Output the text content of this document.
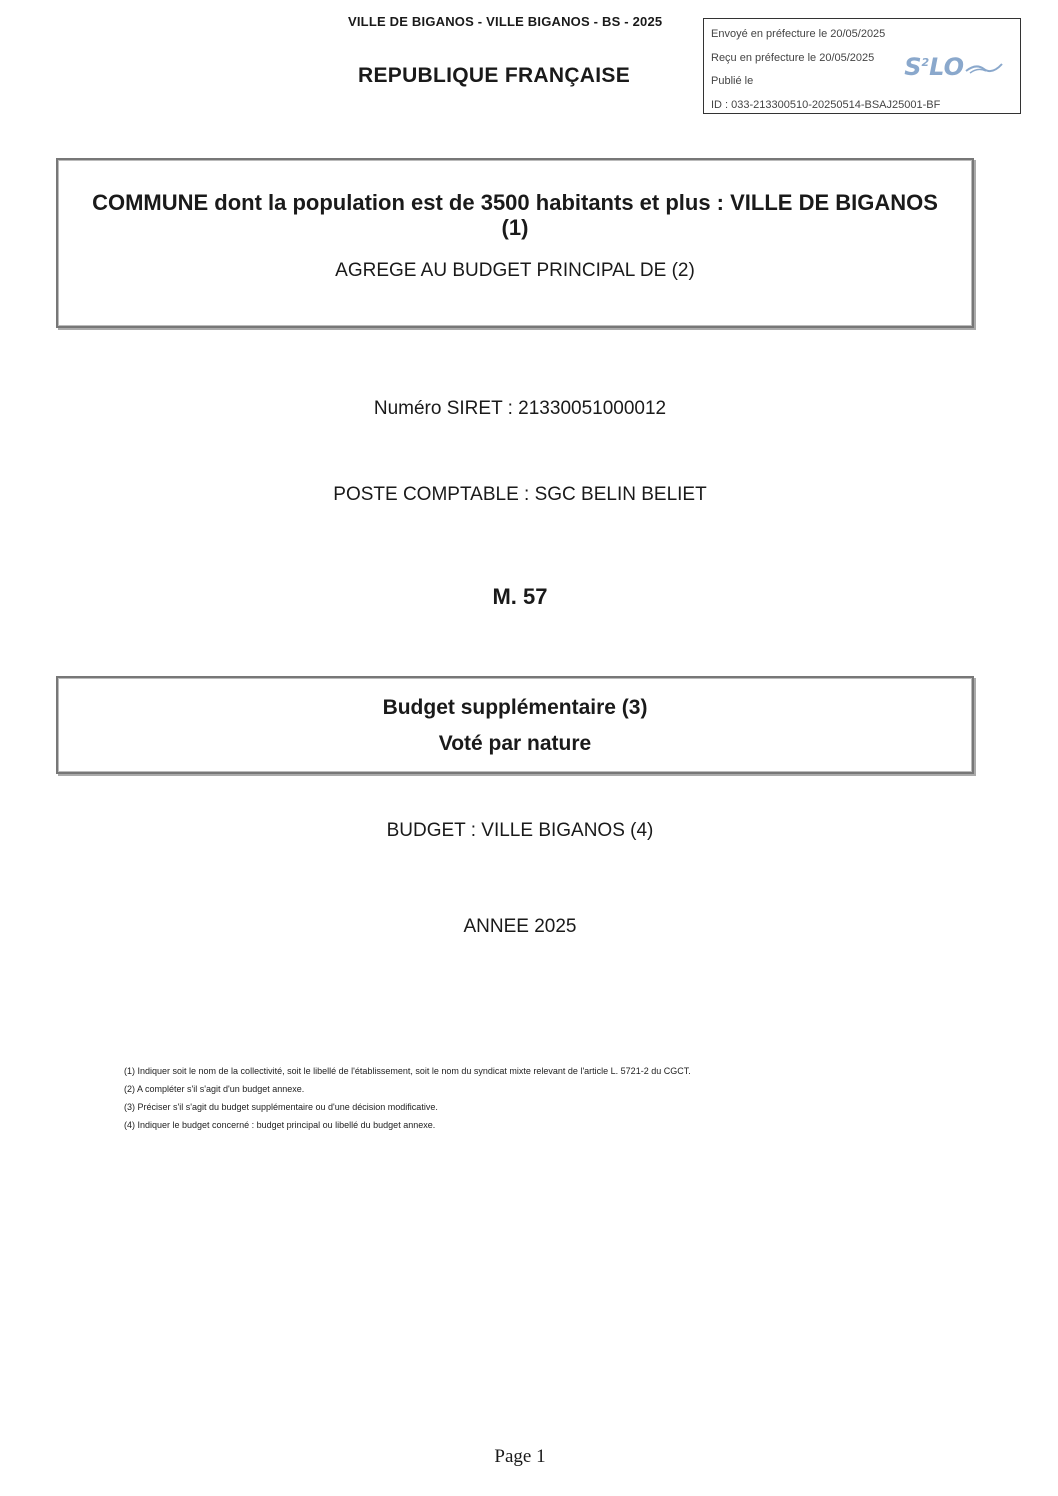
VILLE DE BIGANOS - VILLE BIGANOS - BS - 2025
REPUBLIQUE FRANÇAISE
Envoyé en préfecture le 20/05/2025
Reçu en préfecture le 20/05/2025
Publié le
ID : 033-213300510-20250514-BSAJ25001-BF
$S^2LO$
COMMUNE dont la population est de 3500 habitants et plus : VILLE DE BIGANOS (1)
AGREGE AU BUDGET PRINCIPAL DE (2)
Numéro SIRET : 21330051000012
POSTE COMPTABLE : SGC BELIN BELIET
M. 57
Budget supplémentaire (3)
Voté par nature
BUDGET : VILLE BIGANOS (4)
ANNEE 2025
(1) Indiquer soit le nom de la collectivité, soit le libellé de l'établissement, soit le nom du syndicat mixte relevant de l'article L. 5721-2 du CGCT.
(2) A compléter s'il s'agit d'un budget annexe.
(3) Préciser s'il s'agit du budget supplémentaire ou d'une décision modificative.
(4) Indiquer le budget concerné : budget principal ou libellé du budget annexe.
Page 1
